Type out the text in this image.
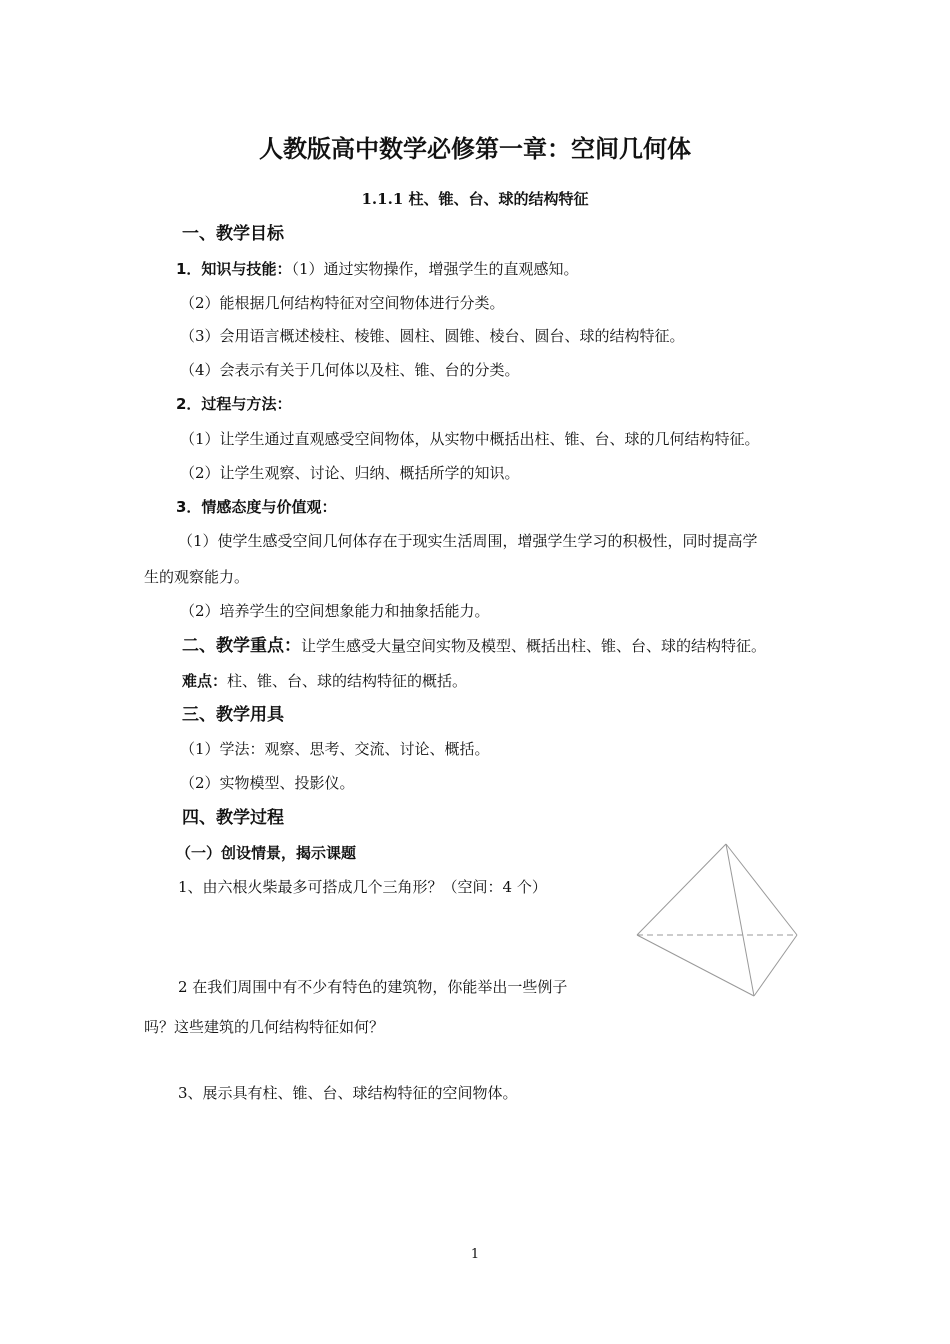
人教版高中数学必修第一章：空间几何体
1.1.1 柱、锥、台、球的结构特征
一、教学目标
1．知识与技能：（1）通过实物操作，增强学生的直观感知。
（2）能根据几何结构特征对空间物体进行分类。
（3）会用语言概述棱柱、棱锥、圆柱、圆锥、棱台、圆台、球的结构特征。
（4）会表示有关于几何体以及柱、锥、台的分类。
2．过程与方法：
（1）让学生通过直观感受空间物体，从实物中概括出柱、锥、台、球的几何结构特征。
（2）让学生观察、讨论、归纳、概括所学的知识。
3．情感态度与价值观：
（1）使学生感受空间几何体存在于现实生活周围，增强学生学习的积极性，同时提高学
生的观察能力。
（2）培养学生的空间想象能力和抽象括能力。
二、教学重点：让学生感受大量空间实物及模型、概括出柱、锥、台、球的结构特征。
难点：柱、锥、台、球的结构特征的概括。
三、教学用具
（1）学法：观察、思考、交流、讨论、概括。
（2）实物模型、投影仪。
四、教学过程
（一）创设情景，揭示课题
1、由六根火柴最多可搭成几个三角形？（空间：4 个）
2 在我们周围中有不少有特色的建筑物，你能举出一些例子
吗？这些建筑的几何结构特征如何？
3、展示具有柱、锥、台、球结构特征的空间物体。
1
